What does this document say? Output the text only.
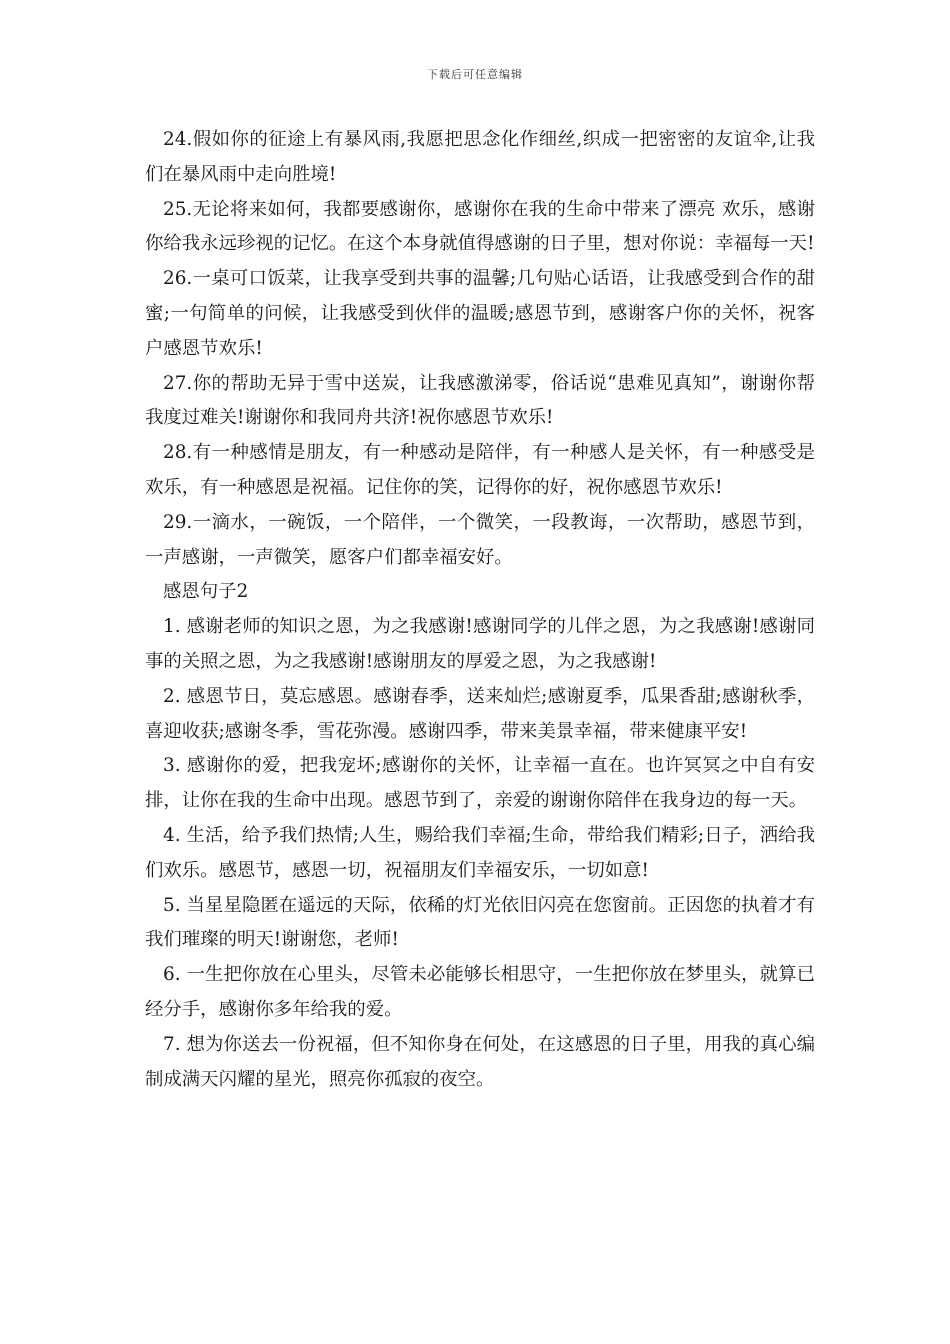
下载后可任意编辑

24.假如你的征途上有暴风雨,我愿把思念化作细丝,织成一把密密的友谊伞,让我们在暴风雨中走向胜境!

25.无论将来如何，我都要感谢你，感谢你在我的生命中带来了漂亮 欢乐，感谢你给我永远珍视的记忆。在这个本身就值得感谢的日子里，想对你说：幸福每一天!

26.一桌可口饭菜，让我享受到共事的温馨;几句贴心话语，让我感受到合作的甜蜜;一句简单的问候，让我感受到伙伴的温暖;感恩节到，感谢客户你的关怀，祝客户感恩节欢乐!

27.你的帮助无异于雪中送炭，让我感激涕零，俗话说“患难见真知”，谢谢你帮我度过难关!谢谢你和我同舟共济!祝你感恩节欢乐!

28.有一种感情是朋友，有一种感动是陪伴，有一种感人是关怀，有一种感受是欢乐，有一种感恩是祝福。记住你的笑，记得你的好，祝你感恩节欢乐!

29.一滴水，一碗饭，一个陪伴，一个微笑，一段教诲，一次帮助，感恩节到，一声感谢，一声微笑，愿客户们都幸福安好。

感恩句子2

1. 感谢老师的知识之恩，为之我感谢!感谢同学的儿伴之恩，为之我感谢!感谢同事的关照之恩，为之我感谢!感谢朋友的厚爱之恩，为之我感谢!

2. 感恩节日，莫忘感恩。感谢春季，送来灿烂;感谢夏季，瓜果香甜;感谢秋季，喜迎收获;感谢冬季，雪花弥漫。感谢四季，带来美景幸福，带来健康平安!

3. 感谢你的爱，把我宠坏;感谢你的关怀，让幸福一直在。也许冥冥之中自有安排，让你在我的生命中出现。感恩节到了，亲爱的谢谢你陪伴在我身边的每一天。

4. 生活，给予我们热情;人生，赐给我们幸福;生命，带给我们精彩;日子，洒给我们欢乐。感恩节，感恩一切，祝福朋友们幸福安乐，一切如意!

5. 当星星隐匿在遥远的天际，依稀的灯光依旧闪亮在您窗前。正因您的执着才有我们璀璨的明天!谢谢您，老师!

6. 一生把你放在心里头，尽管未必能够长相思守，一生把你放在梦里头，就算已经分手，感谢你多年给我的爱。

7. 想为你送去一份祝福，但不知你身在何处，在这感恩的日子里，用我的真心编制成满天闪耀的星光，照亮你孤寂的夜空。
